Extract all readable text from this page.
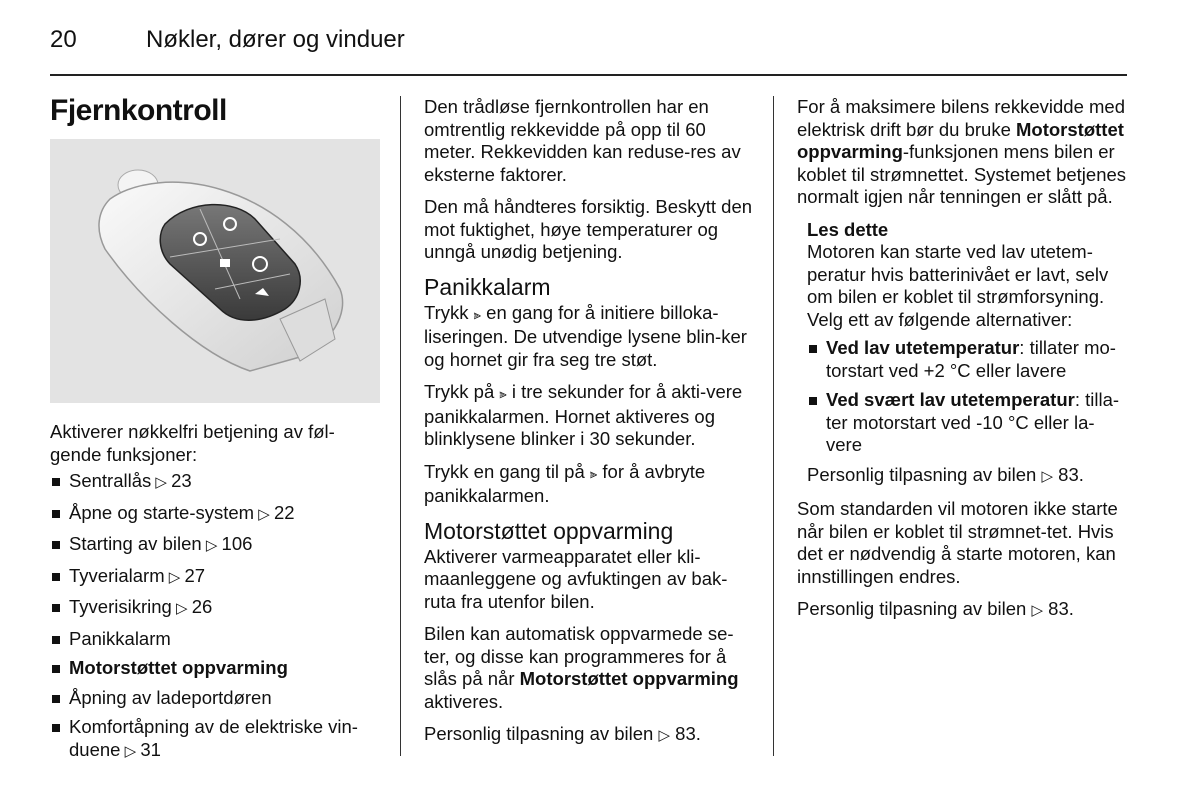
20	Nøkler, dører og vinduer
Fjernkontroll

Aktiverer nøkkelfri betjening av føl-gende funksjoner:

Sentrallås ▷ 23
Åpne og starte-system ▷ 22
Starting av bilen ▷ 106
Tyverialarm ▷ 27
Tyverisikring ▷ 26
Panikkalarm
Motorstøttet oppvarming
Åpning av ladeportdøren
Komfortåpning av de elektriske vin-duene ▷ 31

Den trådløse fjernkontrollen har en omtrentlig rekkevidde på opp til 60 meter. Rekkevidden kan reduse-res av eksterne faktorer.

Den må håndteres forsiktig. Beskytt den mot fuktighet, høye temperaturer og unngå unødig betjening.

Panikkalarm

Trykk ⫸ en gang for å initiere billoka-liseringen. De utvendige lysene blin-ker og hornet gir fra seg tre støt.

Trykk på ⫸ i tre sekunder for å akti-vere panikkalarmen. Hornet aktiveres og blinklysene blinker i 30 sekunder.

Trykk en gang til på ⫸ for å avbryte panikkalarmen.

Motorstøttet oppvarming

Aktiverer varmeapparatet eller kli-maanleggene og avfuktingen av bak-ruta fra utenfor bilen.

Bilen kan automatisk oppvarmede se-ter, og disse kan programmeres for å slås på når Motorstøttet oppvarming aktiveres.

Personlig tilpasning av bilen ▷ 83.

For å maksimere bilens rekkevidde med elektrisk drift bør du bruke Motorstøttet oppvarming-funksjonen mens bilen er koblet til strømnettet. Systemet betjenes normalt igjen når tenningen er slått på.

Les dette

Motoren kan starte ved lav utetem-peratur hvis batterinivået er lavt, selv om bilen er koblet til strømforsyning. Velg ett av følgende alternativer:

Ved lav utetemperatur: tillater mo-torstart ved +2 °C eller lavere
Ved svært lav utetemperatur: tilla-ter motorstart ved -10 °C eller la-vere

Personlig tilpasning av bilen ▷ 83.

Som standarden vil motoren ikke starte når bilen er koblet til strømnet-tet. Hvis det er nødvendig å starte motoren, kan innstillingen endres.

Personlig tilpasning av bilen ▷ 83.
